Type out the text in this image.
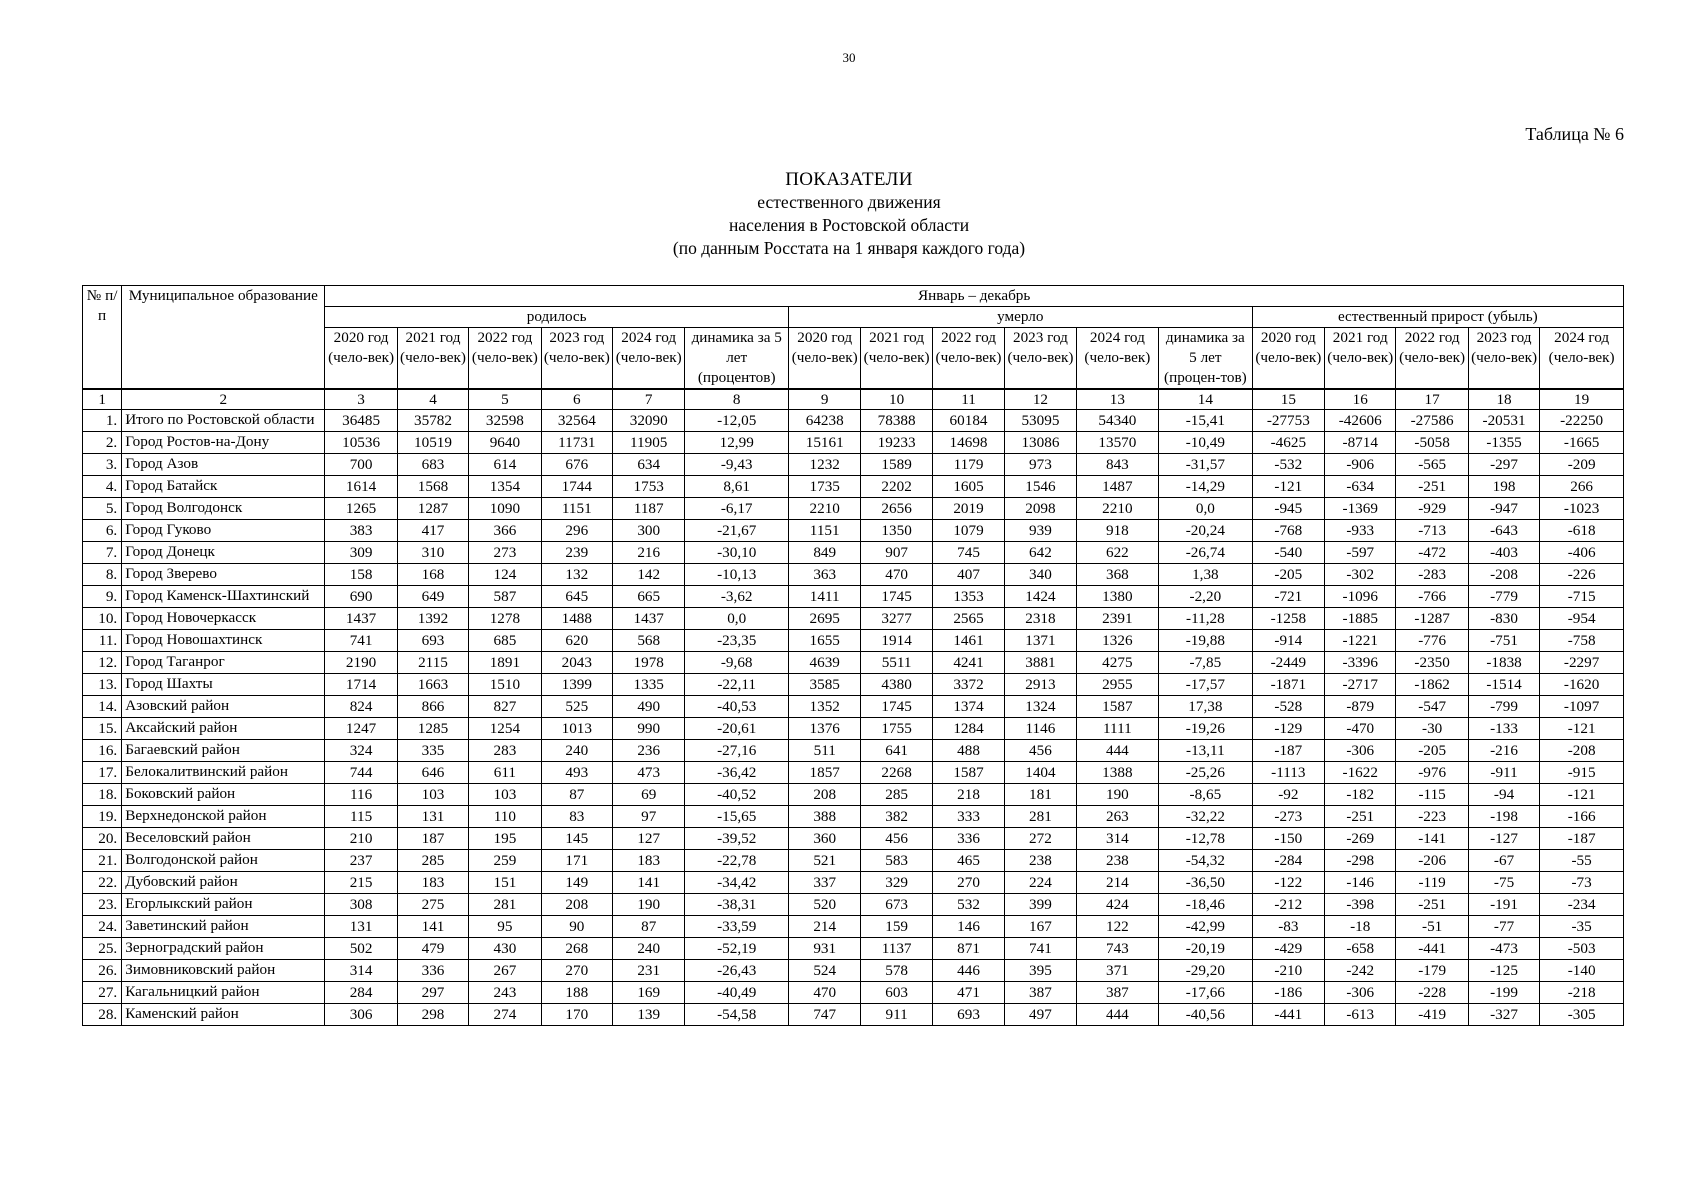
30
Таблица № 6
ПОКАЗАТЕЛИ
естественного движения
населения в Ростовской области
(по данным Росстата на 1 января каждого года)
№ п/п	Муниципальное образование	Январь – декабрь																
		родилось						умерло						естественный прирост (убыль)				
		2020 год (чело-век)	2021 год (чело-век)	2022 год (чело-век)	2023 год (чело-век)	2024 год (чело-век)	динамика за 5 лет (процентов)	2020 год (чело-век)	2021 год (чело-век)	2022 год (чело-век)	2023 год (чело-век)	2024 год (чело-век)	динамика за 5 лет (процен-тов)	2020 год (чело-век)	2021 год (чело-век)	2022 год (чело-век)	2023 год (чело-век)	2024 год (чело-век)
1	2	3	4	5	6	7	8	9	10	11	12	13	14	15	16	17	18	19
1.	Итого по Ростовской области	36485	35782	32598	32564	32090	-12,05	64238	78388	60184	53095	54340	-15,41	-27753	-42606	-27586	-20531	-22250
2.	Город Ростов-на-Дону	10536	10519	9640	11731	11905	12,99	15161	19233	14698	13086	13570	-10,49	-4625	-8714	-5058	-1355	-1665
3.	Город Азов	700	683	614	676	634	-9,43	1232	1589	1179	973	843	-31,57	-532	-906	-565	-297	-209
4.	Город Батайск	1614	1568	1354	1744	1753	8,61	1735	2202	1605	1546	1487	-14,29	-121	-634	-251	198	266
5.	Город Волгодонск	1265	1287	1090	1151	1187	-6,17	2210	2656	2019	2098	2210	0,0	-945	-1369	-929	-947	-1023
6.	Город Гуково	383	417	366	296	300	-21,67	1151	1350	1079	939	918	-20,24	-768	-933	-713	-643	-618
7.	Город Донецк	309	310	273	239	216	-30,10	849	907	745	642	622	-26,74	-540	-597	-472	-403	-406
8.	Город Зверево	158	168	124	132	142	-10,13	363	470	407	340	368	1,38	-205	-302	-283	-208	-226
9.	Город Каменск-Шахтинский	690	649	587	645	665	-3,62	1411	1745	1353	1424	1380	-2,20	-721	-1096	-766	-779	-715
10.	Город Новочеркасск	1437	1392	1278	1488	1437	0,0	2695	3277	2565	2318	2391	-11,28	-1258	-1885	-1287	-830	-954
11.	Город Новошахтинск	741	693	685	620	568	-23,35	1655	1914	1461	1371	1326	-19,88	-914	-1221	-776	-751	-758
12.	Город Таганрог	2190	2115	1891	2043	1978	-9,68	4639	5511	4241	3881	4275	-7,85	-2449	-3396	-2350	-1838	-2297
13.	Город Шахты	1714	1663	1510	1399	1335	-22,11	3585	4380	3372	2913	2955	-17,57	-1871	-2717	-1862	-1514	-1620
14.	Азовский район	824	866	827	525	490	-40,53	1352	1745	1374	1324	1587	17,38	-528	-879	-547	-799	-1097
15.	Аксайский район	1247	1285	1254	1013	990	-20,61	1376	1755	1284	1146	1111	-19,26	-129	-470	-30	-133	-121
16.	Багаевский район	324	335	283	240	236	-27,16	511	641	488	456	444	-13,11	-187	-306	-205	-216	-208
17.	Белокалитвинский район	744	646	611	493	473	-36,42	1857	2268	1587	1404	1388	-25,26	-1113	-1622	-976	-911	-915
18.	Боковский район	116	103	103	87	69	-40,52	208	285	218	181	190	-8,65	-92	-182	-115	-94	-121
19.	Верхнедонской район	115	131	110	83	97	-15,65	388	382	333	281	263	-32,22	-273	-251	-223	-198	-166
20.	Веселовский район	210	187	195	145	127	-39,52	360	456	336	272	314	-12,78	-150	-269	-141	-127	-187
21.	Волгодонской район	237	285	259	171	183	-22,78	521	583	465	238	238	-54,32	-284	-298	-206	-67	-55
22.	Дубовский район	215	183	151	149	141	-34,42	337	329	270	224	214	-36,50	-122	-146	-119	-75	-73
23.	Егорлыкский район	308	275	281	208	190	-38,31	520	673	532	399	424	-18,46	-212	-398	-251	-191	-234
24.	Заветинский район	131	141	95	90	87	-33,59	214	159	146	167	122	-42,99	-83	-18	-51	-77	-35
25.	Зерноградский район	502	479	430	268	240	-52,19	931	1137	871	741	743	-20,19	-429	-658	-441	-473	-503
26.	Зимовниковский район	314	336	267	270	231	-26,43	524	578	446	395	371	-29,20	-210	-242	-179	-125	-140
27.	Кагальницкий район	284	297	243	188	169	-40,49	470	603	471	387	387	-17,66	-186	-306	-228	-199	-218
28.	Каменский район	306	298	274	170	139	-54,58	747	911	693	497	444	-40,56	-441	-613	-419	-327	-305
